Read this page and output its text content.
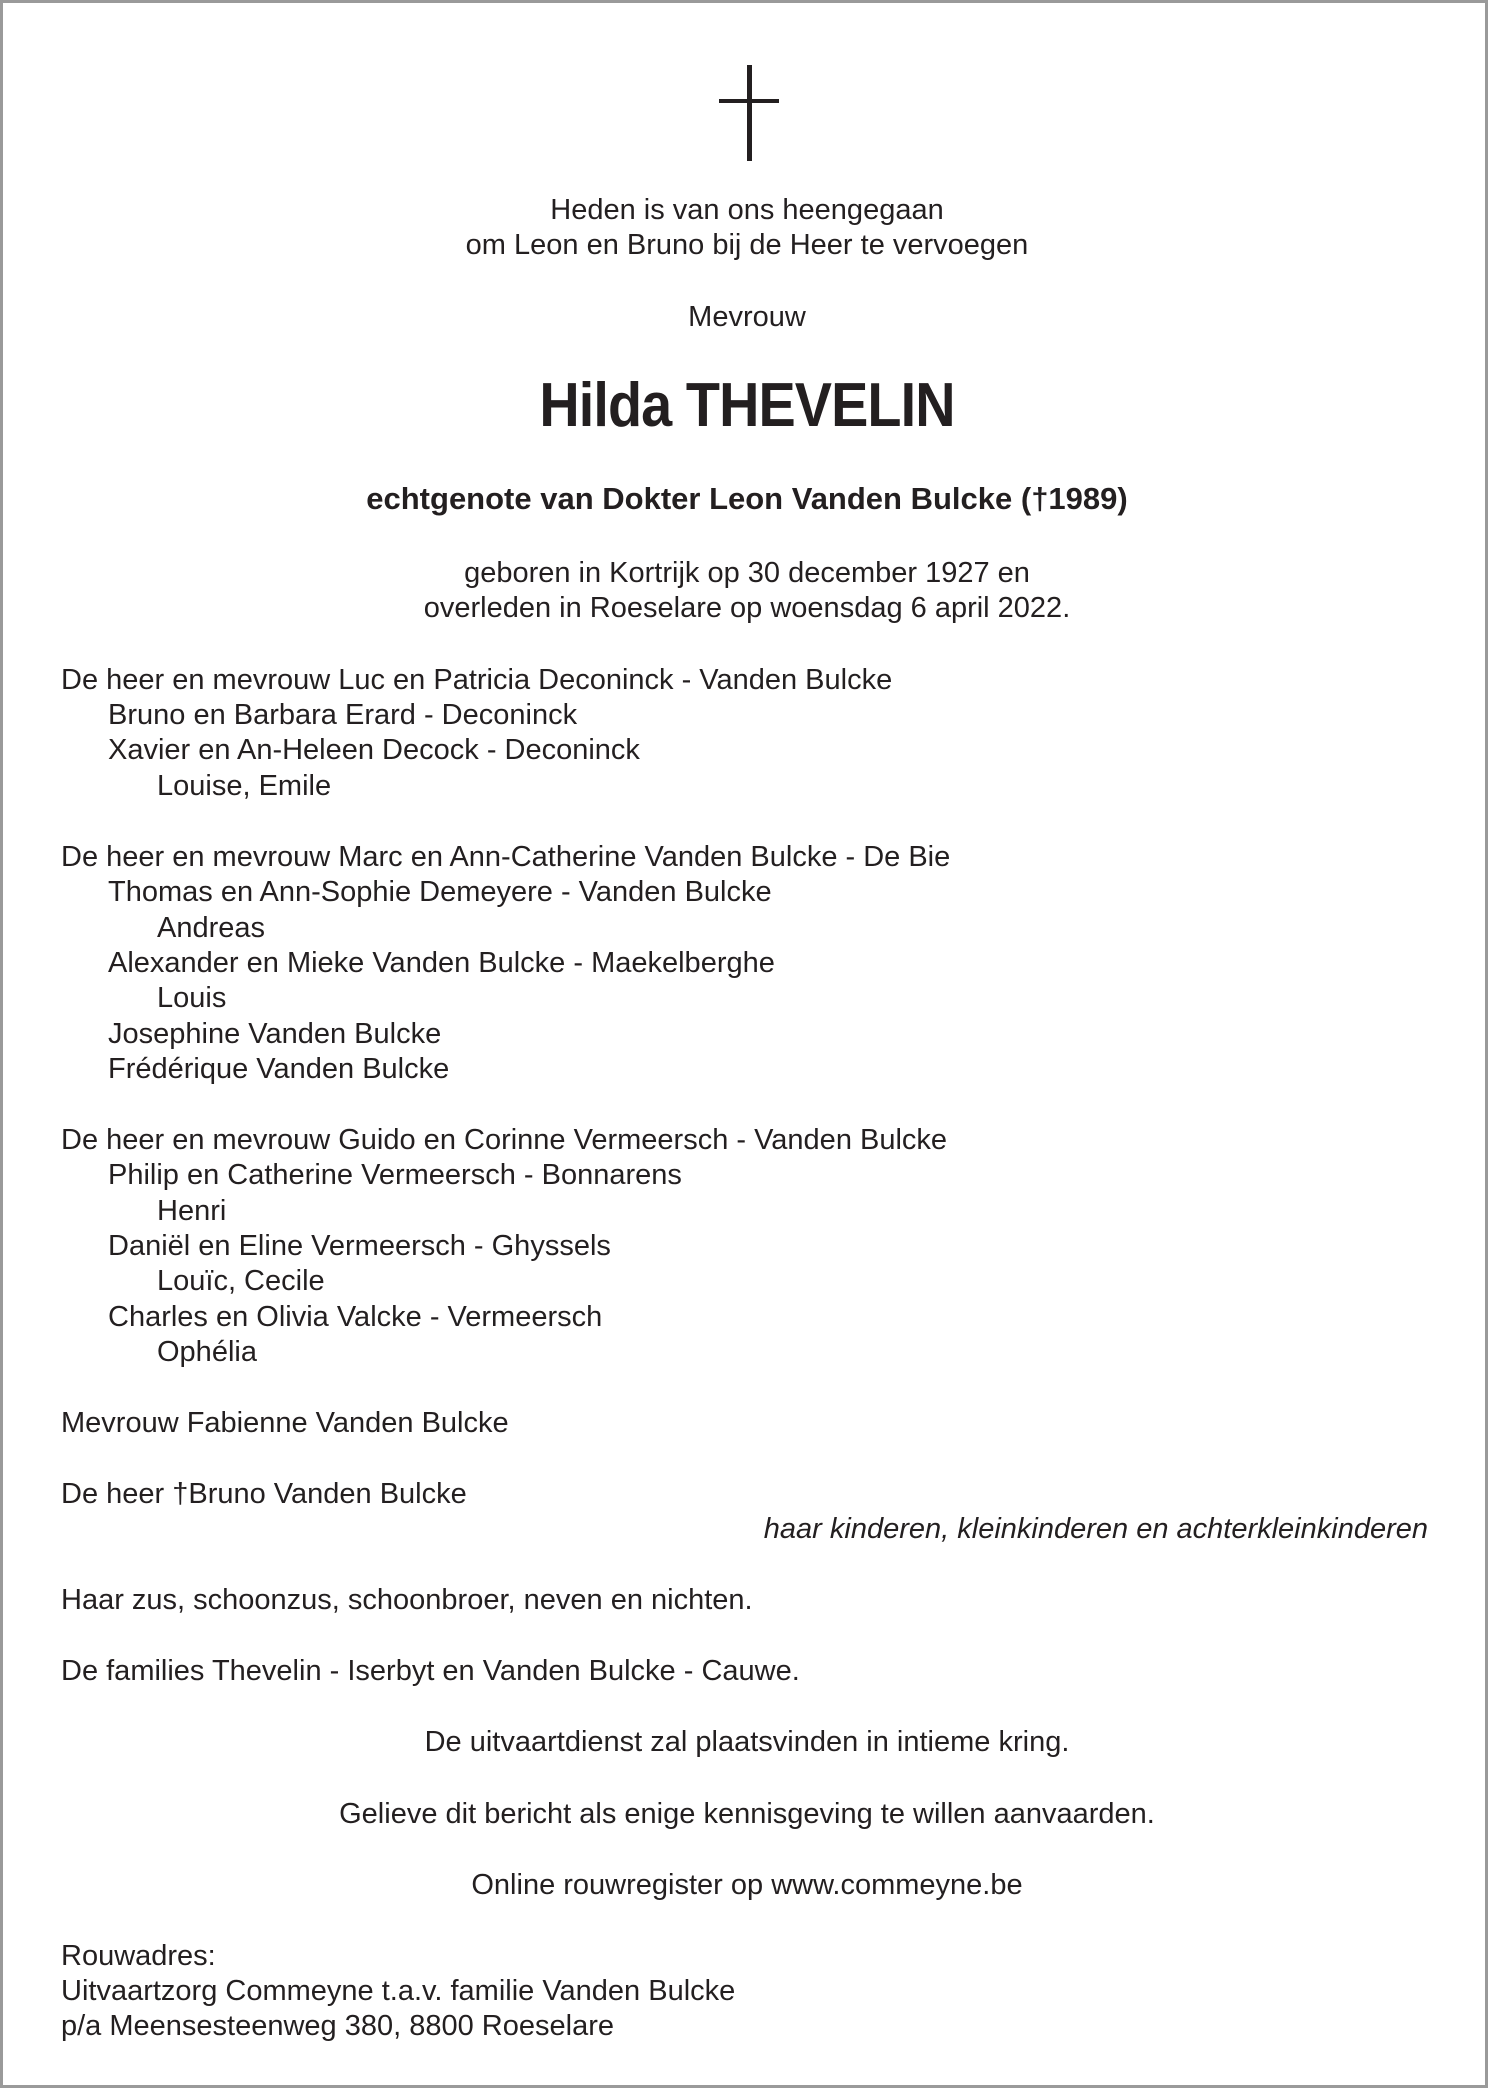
Heden is van ons heengegaan
om Leon en Bruno bij de Heer te vervoegen
Mevrouw
Hilda THEVELIN
echtgenote van Dokter Leon Vanden Bulcke (†1989)
geboren in Kortrijk op 30 december 1927 en
overleden in Roeselare op woensdag 6 april 2022.
De heer en mevrouw Luc en Patricia Deconinck - Vanden Bulcke
Bruno en Barbara Erard - Deconinck
Xavier en An-Heleen Decock - Deconinck
Louise, Emile
De heer en mevrouw Marc en Ann-Catherine Vanden Bulcke - De Bie
Thomas en Ann-Sophie Demeyere - Vanden Bulcke
Andreas
Alexander en Mieke Vanden Bulcke - Maekelberghe
Louis
Josephine Vanden Bulcke
Frédérique Vanden Bulcke
De heer en mevrouw Guido en Corinne Vermeersch - Vanden Bulcke
Philip en Catherine Vermeersch - Bonnarens
Henri
Daniël en Eline Vermeersch - Ghyssels
Louïc, Cecile
Charles en Olivia Valcke - Vermeersch
Ophélia
Mevrouw Fabienne Vanden Bulcke
De heer †Bruno Vanden Bulcke
haar kinderen, kleinkinderen en achterkleinkinderen
Haar zus, schoonzus, schoonbroer, neven en nichten.
De families Thevelin - Iserbyt en Vanden Bulcke - Cauwe.
De uitvaartdienst zal plaatsvinden in intieme kring.
Gelieve dit bericht als enige kennisgeving te willen aanvaarden.
Online rouwregister op www.commeyne.be
Rouwadres:
Uitvaartzorg Commeyne t.a.v. familie Vanden Bulcke
p/a Meensesteenweg 380, 8800 Roeselare
